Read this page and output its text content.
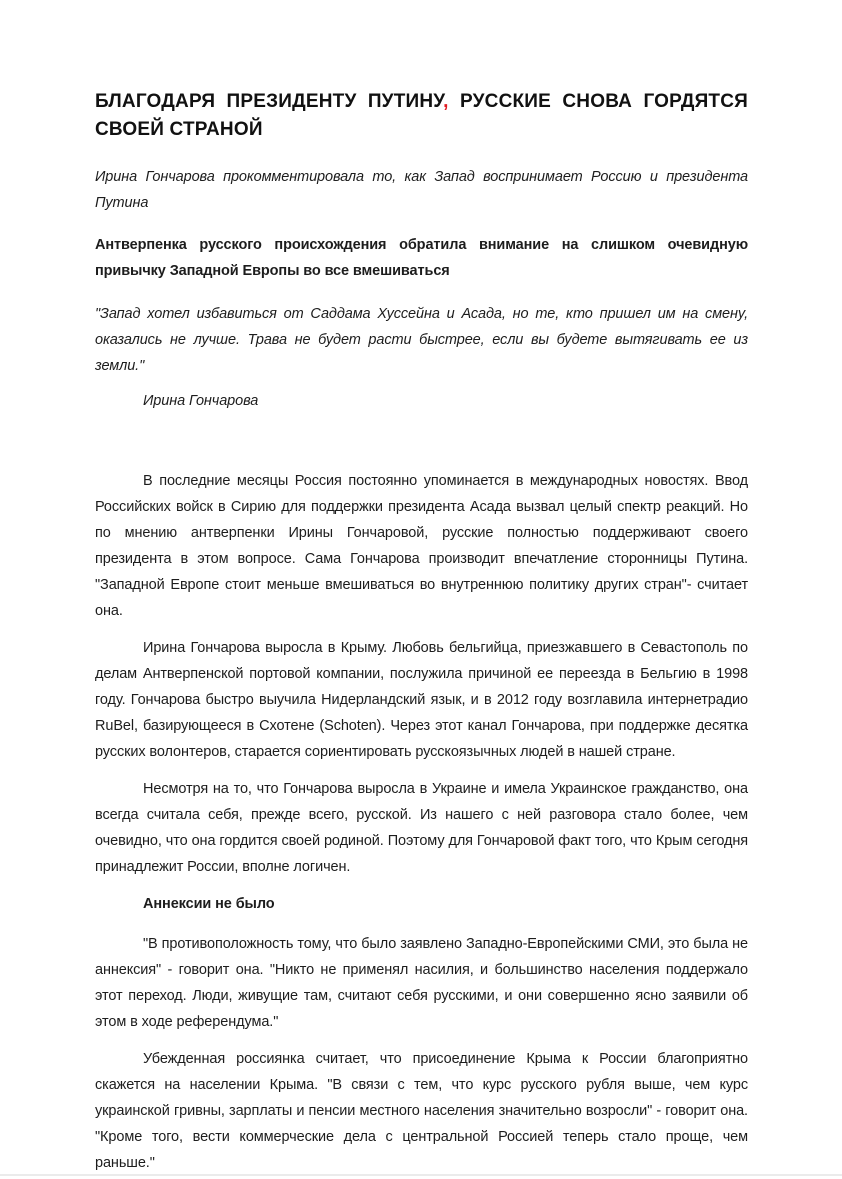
БЛАГОДАРЯ ПРЕЗИДЕНТУ ПУТИНУ, РУССКИЕ СНОВА ГОРДЯТСЯ СВОЕЙ СТРАНОЙ

Ирина Гончарова прокомментировала то, как Запад воспринимает Россию и президента Путина

Антверпенка русского происхождения обратила внимание на слишком очевидную привычку Западной Европы во все вмешиваться

"Запад хотел избавиться от Саддама Хуссейна и Асада, но те, кто пришел им на смену, оказались не лучше. Трава не будет расти быстрее, если вы будете вытягивать ее из земли."

Ирина Гончарова

В последние месяцы Россия постоянно упоминается в международных новостях. Ввод Российских войск в Сирию для поддержки президента Асада вызвал целый спектр реакций. Но по мнению антверпенки Ирины Гончаровой, русские полностью поддерживают своего президента в этом вопросе. Сама Гончарова производит впечатление сторонницы Путина. "Западной Европе стоит меньше вмешиваться во внутреннюю политику других стран"- считает она.

Ирина Гончарова выросла в Крыму. Любовь бельгийца, приезжавшего в Севастополь по делам Антверпенской портовой компании, послужила причиной ее переезда в Бельгию в 1998 году. Гончарова быстро выучила Нидерландский язык, и в 2012 году возглавила интернетрадио RuBel, базирующееся в Схотене (Schoten). Через этот канал Гончарова, при поддержке десятка русских волонтеров, старается сориентировать русскоязычных людей в нашей стране.

Несмотря на то, что Гончарова выросла в Украине и имела Украинское гражданство, она всегда считала себя, прежде всего, русской. Из нашего с ней разговора стало более, чем очевидно, что она гордится своей родиной. Поэтому для Гончаровой факт того, что Крым сегодня принадлежит России, вполне логичен.

Аннексии не было

"В противоположность тому, что было заявлено Западно-Европейскими СМИ, это была не аннексия" - говорит она. "Никто не применял насилия, и большинство населения поддержало этот переход. Люди, живущие там, считают себя русскими, и они совершенно ясно заявили об этом в ходе референдума."

Убежденная россиянка считает, что присоединение Крыма к России благоприятно скажется на населении Крыма. "В связи с тем, что курс русского рубля выше, чем курс украинской гривны, зарплаты и пенсии местного населения значительно возросли" - говорит она. "Кроме того, вести коммерческие дела с центральной Россией теперь стало проще, чем раньше."
